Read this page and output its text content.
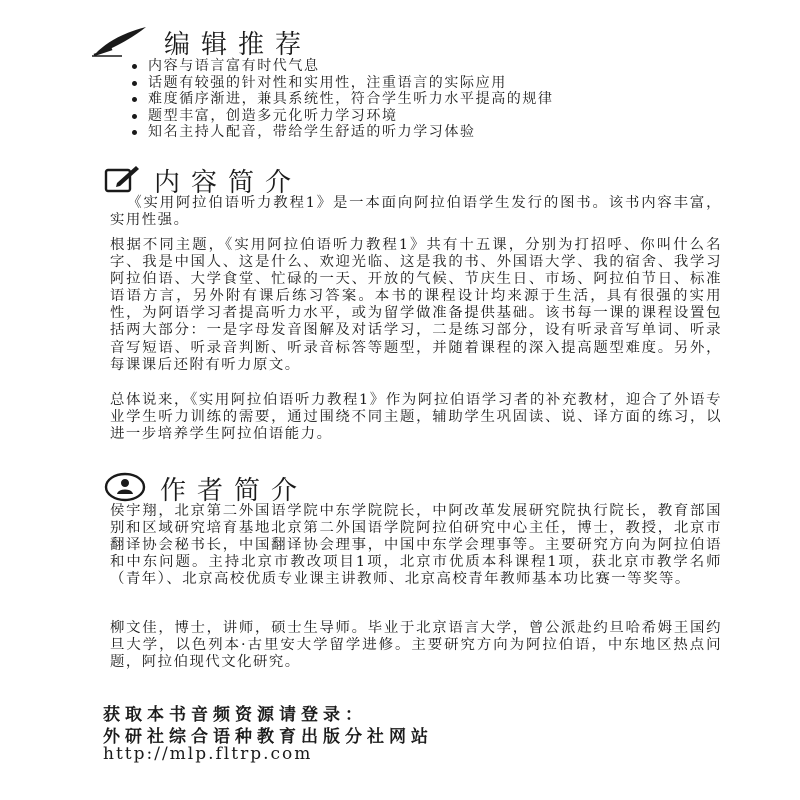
编辑推荐
内容与语言富有时代气息
话题有较强的针对性和实用性，注重语言的实际应用
难度循序渐进，兼具系统性，符合学生听力水平提高的规律
题型丰富，创造多元化听力学习环境
知名主持人配音，带给学生舒适的听力学习体验
内容简介

《实用阿拉伯语听力教程1》是一本面向阿拉伯语学生发行的图书。该书内容丰富，实用性强。

根据不同主题，《实用阿拉伯语听力教程1》共有十五课，分别为打招呼、你叫什么名字、我是中国人、这是什么、欢迎光临、这是我的书、外国语大学、我的宿舍、我学习阿拉伯语、大学食堂、忙碌的一天、开放的气候、节庆生日、市场、阿拉伯节日、标准语语方言，另外附有课后练习答案。本书的课程设计均来源于生活，具有很强的实用性，为阿语学习者提高听力水平，或为留学做准备提供基础。该书每一课的课程设置包括两大部分：一是字母发音图解及对话学习，二是练习部分，设有听录音写单词、听录音写短语、听录音判断、听录音标答等题型，并随着课程的深入提高题型难度。另外，每课课后还附有听力原文。

总体说来，《实用阿拉伯语听力教程1》作为阿拉伯语学习者的补充教材，迎合了外语专业学生听力训练的需要，通过围绕不同主题，辅助学生巩固读、说、译方面的练习，以进一步培养学生阿拉伯语能力。

作者简介

侯宇翔，北京第二外国语学院中东学院院长，中阿改革发展研究院执行院长，教育部国别和区域研究培育基地北京第二外国语学院阿拉伯研究中心主任，博士，教授，北京市翻译协会秘书长，中国翻译协会理事，中国中东学会理事等。主要研究方向为阿拉伯语和中东问题。主持北京市教改项目1项，北京市优质本科课程1项，获北京市教学名师（青年）、北京高校优质专业课主讲教师、北京高校青年教师基本功比赛一等奖等。

柳文佳，博士，讲师，硕士生导师。毕业于北京语言大学，曾公派赴约旦哈希姆王国约旦大学，以色列本·古里安大学留学进修。主要研究方向为阿拉伯语，中东地区热点问题，阿拉伯现代文化研究。

获取本书音频资源请登录：

外研社综合语种教育出版分社网站

http://mlp.fltrp.com
